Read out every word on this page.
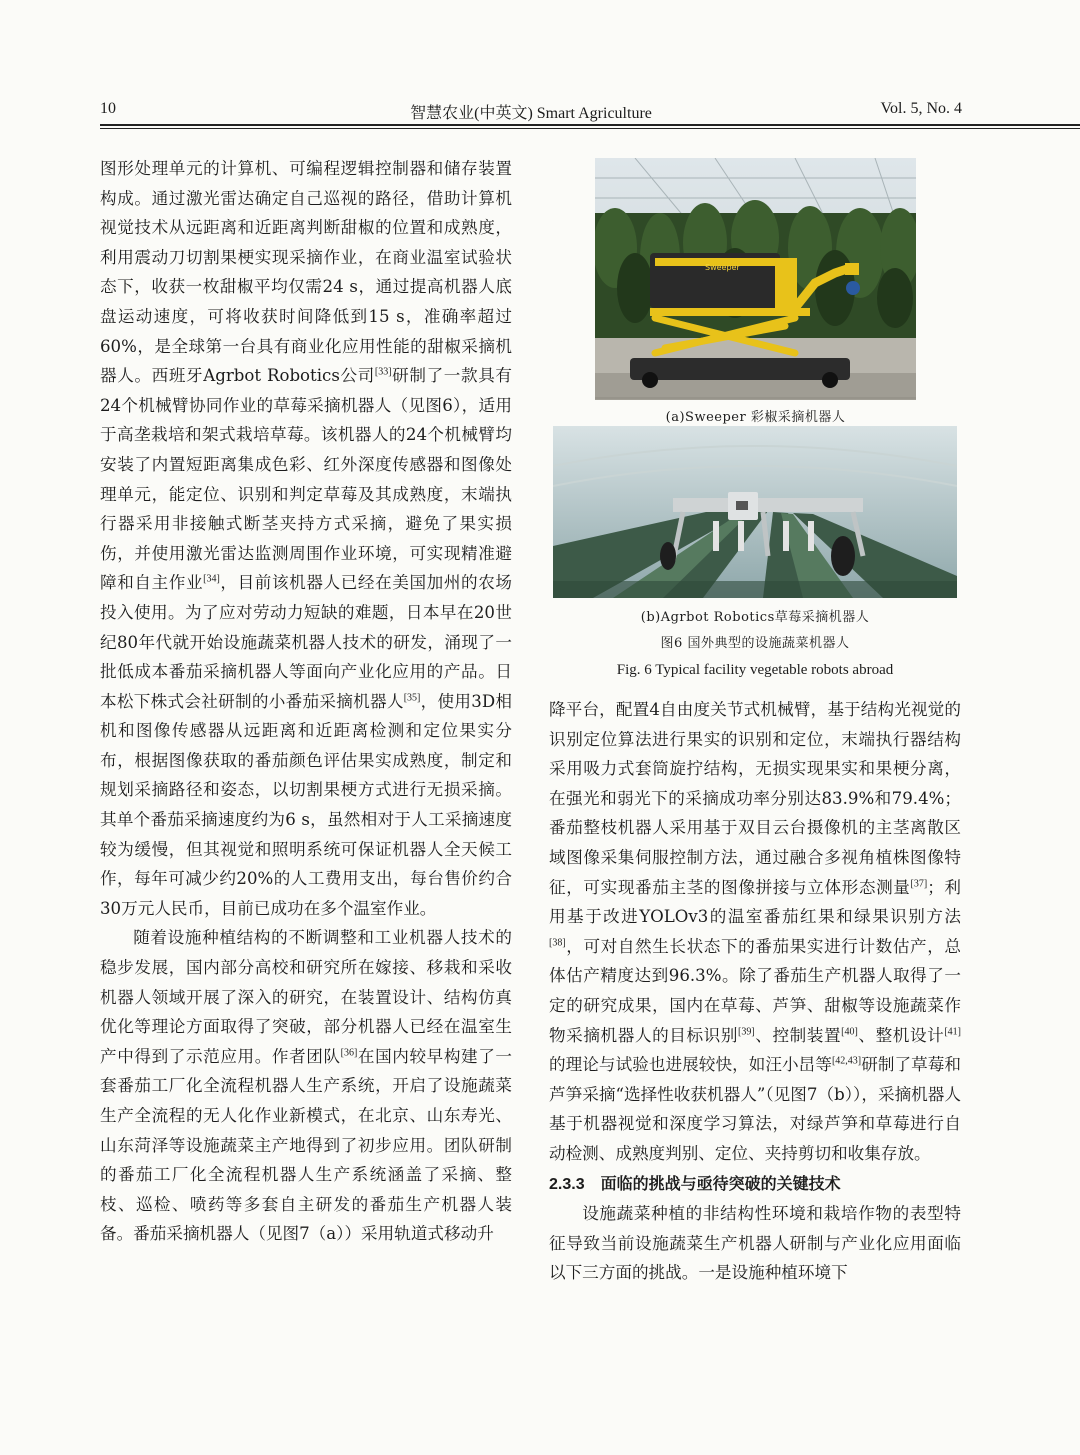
10	智慧农业(中英文) Smart Agriculture	Vol. 5, No. 4

图形处理单元的计算机、可编程逻辑控制器和储存装置构成。通过激光雷达确定自己巡视的路径，借助计算机视觉技术从远距离和近距离判断甜椒的位置和成熟度，利用震动刀切割果梗实现采摘作业，在商业温室试验状态下，收获一枚甜椒平均仅需24 s，通过提高机器人底盘运动速度，可将收获时间降低到15 s，准确率超过60%，是全球第一台具有商业化应用性能的甜椒采摘机器人。西班牙Agrbot Robotics公司[33]研制了一款具有24个机械臂协同作业的草莓采摘机器人（见图6），适用于高垄栽培和架式栽培草莓。该机器人的24个机械臂均安装了内置短距离集成色彩、红外深度传感器和图像处理单元，能定位、识别和判定草莓及其成熟度，末端执行器采用非接触式断茎夹持方式采摘，避免了果实损伤，并使用激光雷达监测周围作业环境，可实现精准避障和自主作业[34]，目前该机器人已经在美国加州的农场投入使用。为了应对劳动力短缺的难题，日本早在20世纪80年代就开始设施蔬菜机器人技术的研发，涌现了一批低成本番茄采摘机器人等面向产业化应用的产品。日本松下株式会社研制的小番茄采摘机器人[35]，使用3D相机和图像传感器从远距离和近距离检测和定位果实分布，根据图像获取的番茄颜色评估果实成熟度，制定和规划采摘路径和姿态，以切割果梗方式进行无损采摘。其单个番茄采摘速度约为6 s，虽然相对于人工采摘速度较为缓慢，但其视觉和照明系统可保证机器人全天候工作，每年可减少约20%的人工费用支出，每台售价约合30万元人民币，目前已成功在多个温室作业。

随着设施种植结构的不断调整和工业机器人技术的稳步发展，国内部分高校和研究所在嫁接、移栽和采收机器人领域开展了深入的研究，在装置设计、结构仿真优化等理论方面取得了突破，部分机器人已经在温室生产中得到了示范应用。作者团队[36]在国内较早构建了一套番茄工厂化全流程机器人生产系统，开启了设施蔬菜生产全流程的无人化作业新模式，在北京、山东寿光、山东菏泽等设施蔬菜主产地得到了初步应用。团队研制的番茄工厂化全流程机器人生产系统涵盖了采摘、整枝、巡检、喷药等多套自主研发的番茄生产机器人装备。番茄采摘机器人（见图7（a））采用轨道式移动升

Sweeper
(a)Sweeper 彩椒采摘机器人
(b)Agrbot Robotics草莓采摘机器人
图6 国外典型的设施蔬菜机器人
Fig. 6 Typical facility vegetable robots abroad

降平台，配置4自由度关节式机械臂，基于结构光视觉的识别定位算法进行果实的识别和定位，末端执行器结构采用吸力式套筒旋拧结构，无损实现果实和果梗分离，在强光和弱光下的采摘成功率分别达83.9%和79.4%；番茄整枝机器人采用基于双目云台摄像机的主茎离散区域图像采集伺服控制方法，通过融合多视角植株图像特征，可实现番茄主茎的图像拼接与立体形态测量[37]；利用基于改进YOLOv3的温室番茄红果和绿果识别方法[38]，可对自然生长状态下的番茄果实进行计数估产，总体估产精度达到96.3%。除了番茄生产机器人取得了一定的研究成果，国内在草莓、芦笋、甜椒等设施蔬菜作物采摘机器人的目标识别[39]、控制装置[40]、整机设计[41]的理论与试验也进展较快，如汪小旵等[42,43]研制了草莓和芦笋采摘“选择性收获机器人”（见图7（b）），采摘机器人基于机器视觉和深度学习算法，对绿芦笋和草莓进行自动检测、成熟度判别、定位、夹持剪切和收集存放。

2.3.3 面临的挑战与亟待突破的关键技术

设施蔬菜种植的非结构性环境和栽培作物的表型特征导致当前设施蔬菜生产机器人研制与产业化应用面临以下三方面的挑战。一是设施种植环境下
